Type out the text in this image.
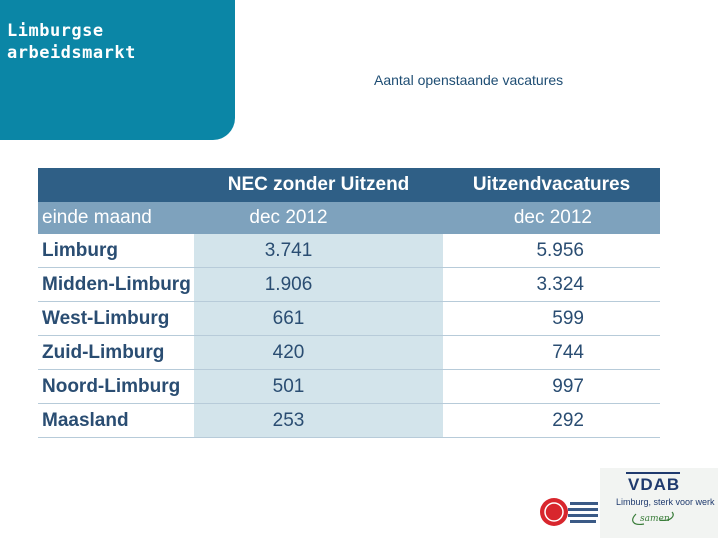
Limburgse
arbeidsmarkt
Aantal openstaande vacatures
	NEC zonder Uitzend	Uitzendvacatures
einde maand	dec 2012	dec 2012
Limburg	3.741	5.956
Midden-Limburg	1.906	3.324
West-Limburg	661	599
Zuid-Limburg	420	744
Noord-Limburg	501	997
Maasland	253	292
VDAB
Limburg, sterk voor werk
samen
